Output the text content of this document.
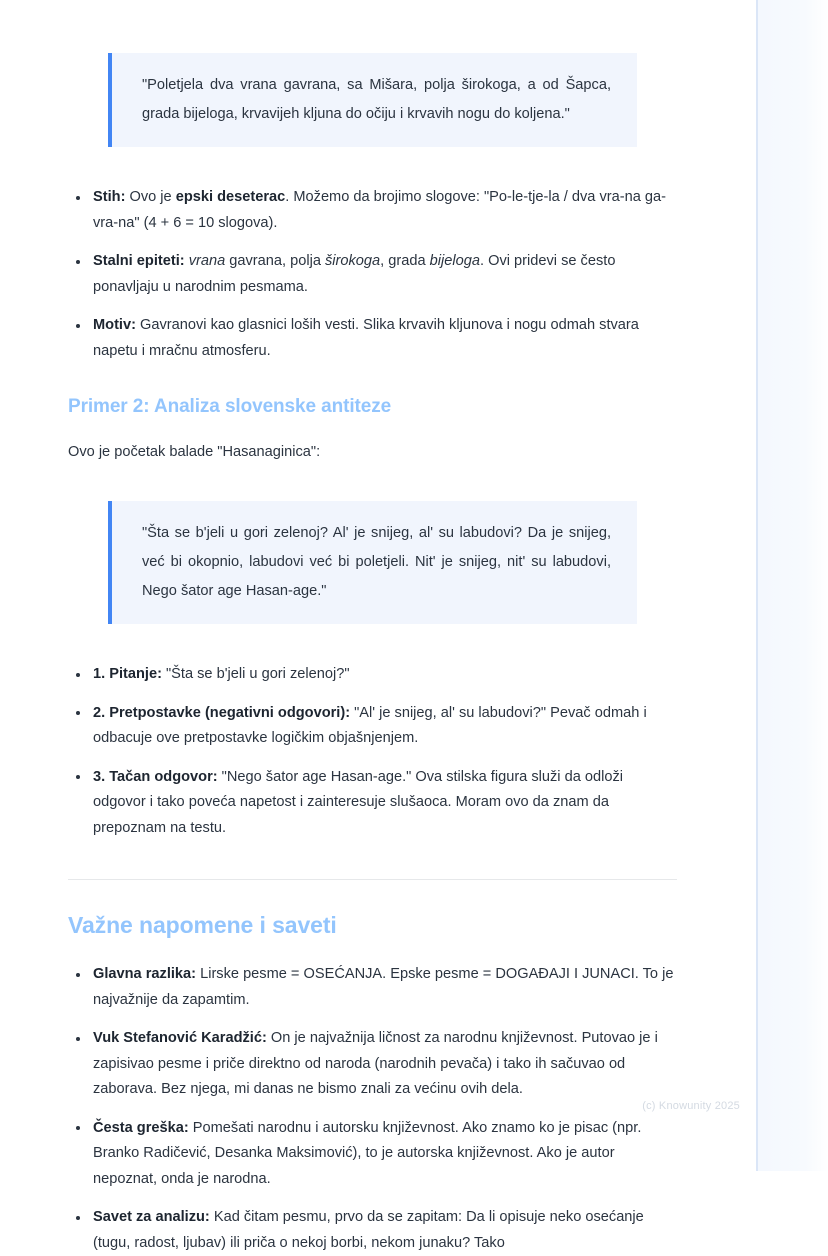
"Poletjela dva vrana gavrana, sa Mišara, polja širokoga, a od Šapca, grada bijeloga, krvavijeh kljuna do očiju i krvavih nogu do koljena."

Stih: Ovo je epski deseterac. Možemo da brojimo slogove: "Po-le-tje-la / dva vra-na ga-vra-na" (4 + 6 = 10 slogova).
Stalni epiteti: vrana gavrana, polja širokoga, grada bijeloga. Ovi pridevi se često ponavljaju u narodnim pesmama.
Motiv: Gavranovi kao glasnici loših vesti. Slika krvavih kljunova i nogu odmah stvara napetu i mračnu atmosferu.
Primer 2: Analiza slovenske antiteze

Ovo je početak balade "Hasanaginica":

"Šta se b'jeli u gori zelenoj? Al' je snijeg, al' su labudovi? Da je snijeg, već bi okopnio, labudovi već bi poletjeli. Nit' je snijeg, nit' su labudovi, Nego šator age Hasan-age."

1. Pitanje: "Šta se b'jeli u gori zelenoj?"
2. Pretpostavke (negativni odgovori): "Al' je snijeg, al' su labudovi?" Pevač odmah i odbacuje ove pretpostavke logičkim objašnjenjem.
3. Tačan odgovor: "Nego šator age Hasan-age." Ova stilska figura služi da odloži odgovor i tako poveća napetost i zainteresuje slušaoca. Moram ovo da znam da prepoznam na testu.
Važne napomene i saveti
Glavna razlika: Lirske pesme = OSEĆANJA. Epske pesme = DOGAĐAJI I JUNACI. To je najvažnije da zapamtim.
Vuk Stefanović Karadžić: On je najvažnija ličnost za narodnu književnost. Putovao je i zapisivao pesme i priče direktno od naroda (narodnih pevača) i tako ih sačuvao od zaborava. Bez njega, mi danas ne bismo znali za većinu ovih dela.
Česta greška: Pomešati narodnu i autorsku književnost. Ako znamo ko je pisac (npr. Branko Radičević, Desanka Maksimović), to je autorska književnost. Ako je autor nepoznat, onda je narodna.
Savet za analizu: Kad čitam pesmu, prvo da se zapitam: Da li opisuje neko osećanje (tugu, radost, ljubav) ili priča o nekoj borbi, nekom junaku? Tako
(c) Knowunity 2025
